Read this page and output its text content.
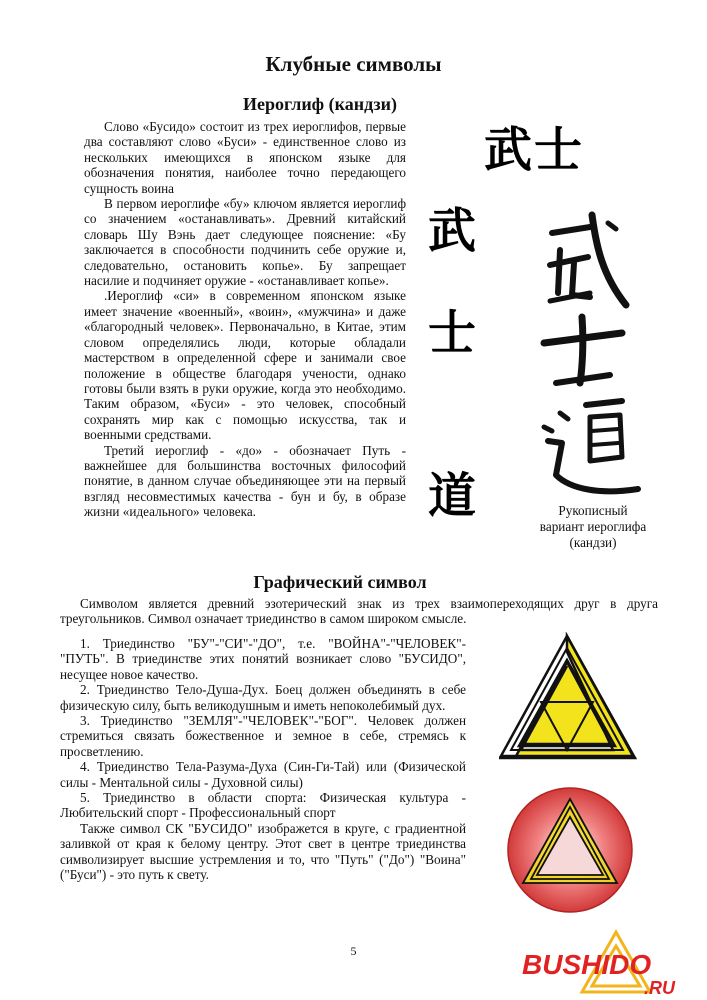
Клубные символы
Иероглиф (кандзи)

Слово «Бусидо» состоит из трех иероглифов, первые два составляют слово «Буси» - единственное слово из нескольких имеющихся в японском языке для обозначения понятия, наиболее точно передающего сущность воина

В первом иероглифе «бу» ключом является иероглиф со значением «останавливать». Древний китайский словарь Шу Вэнь дает следующее пояснение: «Бу заключается в способности подчинить себе оружие и, следовательно, остановить копье». Бу запрещает насилие и подчиняет оружие - «останавливает копье».

.Иероглиф «си» в современном японском языке имеет значение «военный», «воин», «мужчина» и даже «благородный человек». Первоначально, в Китае, этим словом определялись люди, которые обладали мастерством в определенной сфере и занимали свое положение в обществе благодаря учености, однако готовы были взять в руки оружие, когда это необходимо. Таким образом, «Буси» - это человек, способный сохранять мир как с помощью искусства, так и военными средствами.

Третий иероглиф - «до» - обозначает Путь - важнейшее для большинства восточных философий понятие, в данном случае объединяющее эти на первый взгляд несовместимых качества - бун и бу, в образе жизни «идеального» человека.

武士
武
士
道	Рукописный
вариант иероглифа
(кандзи)
Графический символ

Символом является древний эзотерический знак из трех взаимопереходящих друг в друга треугольников. Символ означает триединство в самом широком смысле.

1. Триединство "БУ"-"СИ"-"ДО", т.е. "ВОЙНА"-"ЧЕЛОВЕК"-"ПУТЬ". В триединстве этих понятий возникает слово "БУСИДО", несущее новое качество.

2. Триединство Тело-Душа-Дух. Боец должен объединять в себе физическую силу, быть великодушным и иметь непоколебимый дух.

3. Триединство "ЗЕМЛЯ"-"ЧЕЛОВЕК"-"БОГ". Человек должен стремиться связать божественное и земное в себе, стремясь к просветлению.

4. Триединство Тела-Разума-Духа (Син-Ги-Тай) или (Физической силы - Ментальной силы - Духовной силы)

5. Триединство в области спорта: Физическая культура - Любительский спорт - Профессиональный спорт

Также символ СК "БУСИДО" изображется в круге, с градиентной заливкой от края к белому центру. Этот свет в центре триединства символизирует высшие устремления и то, что "Путь" ("До") "Воина" ("Буси") - это путь к свету.

5	BUSHIDO
.RU
